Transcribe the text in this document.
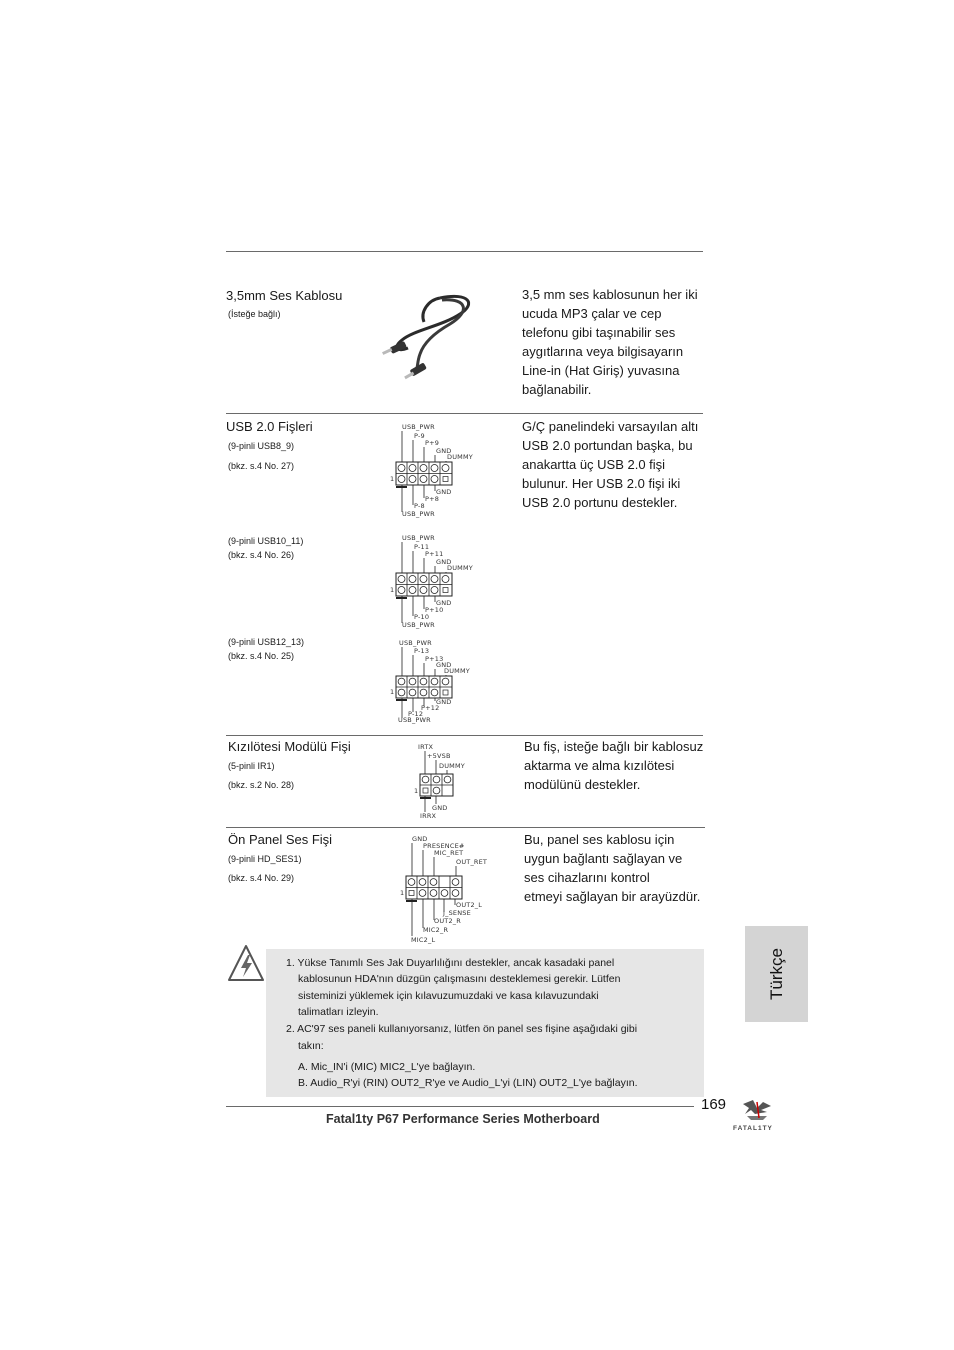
3,5mm Ses Kablosu
(İsteğe bağlı)
3,5 mm ses kablosunun her iki
ucuda MP3 çalar ve cep
telefonu gibi taşınabilir ses
aygıtlarına veya bilgisayarın
Line-in (Hat Giriş) yuvasına
bağlanabilir.
USB 2.0 Fişleri
(9-pinli USB8_9)
(bkz. s.4 No. 27)
G/Ç panelindeki varsayılan altı
USB 2.0 portundan başka, bu
anakartta üç USB 2.0 fişi
bulunur. Her USB 2.0 fişi iki
USB 2.0 portunu destekler.
USB_PWR
P-9
P+9
GND
DUMMY
1
GND
P+8
P-8
USB_PWR
(9-pinli USB10_11)
(bkz. s.4 No. 26)
USB_PWR
P-11
P+11
GND
DUMMY
1
GND
P+10
P-10
USB_PWR
(9-pinli USB12_13)
(bkz. s.4 No. 25)
USB_PWR
P-13
P+13
GND
DUMMY
1
GND
P+12
P-12
USB_PWR
Kızılötesi Modülü Fişi
(5-pinli IR1)
(bkz. s.2 No. 28)
Bu fiş, isteğe bağlı bir kablosuz
aktarma ve alma kızılötesi
modülünü destekler.
IRTX
+5VSB
DUMMY
1
GND
IRRX
Ön Panel Ses Fişi
(9-pinli HD_SES1)
(bkz. s.4 No. 29)
Bu, panel ses kablosu için
uygun bağlantı sağlayan ve
ses cihazlarını kontrol
etmeyi sağlayan bir arayüzdür.
GND
PRESENCE#
MIC_RET
OUT_RET
1
OUT2_L
J_SENSE
OUT2_R
MIC2_R
MIC2_L
1. Yükse Tanımlı Ses Jak Duyarlılığını destekler, ancak kasadaki panel
kablosunun HDA'nın düzgün çalışmasını desteklemesi gerekir. Lütfen
sisteminizi yüklemek için kılavuzumuzdaki ve kasa kılavuzundaki
talimatları izleyin.
2. AC'97 ses paneli kullanıyorsanız, lütfen ön panel ses fişine aşağıdaki gibi
takın:
A. Mic_IN'i (MIC) MIC2_L'ye bağlayın.
B. Audio_R'yi (RIN) OUT2_R'ye ve Audio_L'yi (LIN) OUT2_L'ye bağlayın.
Türkçe
169
Fatal1ty P67 Performance Series Motherboard
FATAL1TY
